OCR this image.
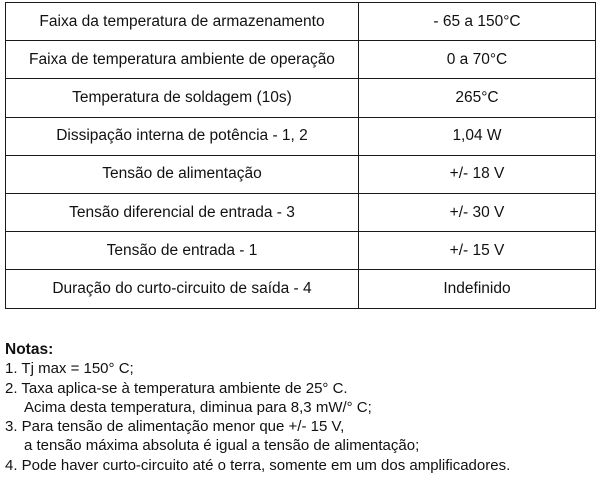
Faixa da temperatura de armazenamento	- 65 a 150°C
Faixa de temperatura ambiente de operação	0 a 70°C
Temperatura de soldagem (10s)	265°C
Dissipação interna de potência - 1, 2	1,04 W
Tensão de alimentação	+/- 18 V
Tensão diferencial de entrada - 3	+/- 30 V
Tensão de entrada - 1	+/- 15 V
Duração do curto-circuito de saída - 4	Indefinido
Notas:
1. Tj max = 150° C;
2. Taxa aplica-se à temperatura ambiente de 25° C.
Acima desta temperatura, diminua para 8,3 mW/° C;
3. Para tensão de alimentação menor que +/- 15 V,
a tensão máxima absoluta é igual a tensão de alimentação;
4. Pode haver curto-circuito até o terra, somente em um dos amplificadores.
